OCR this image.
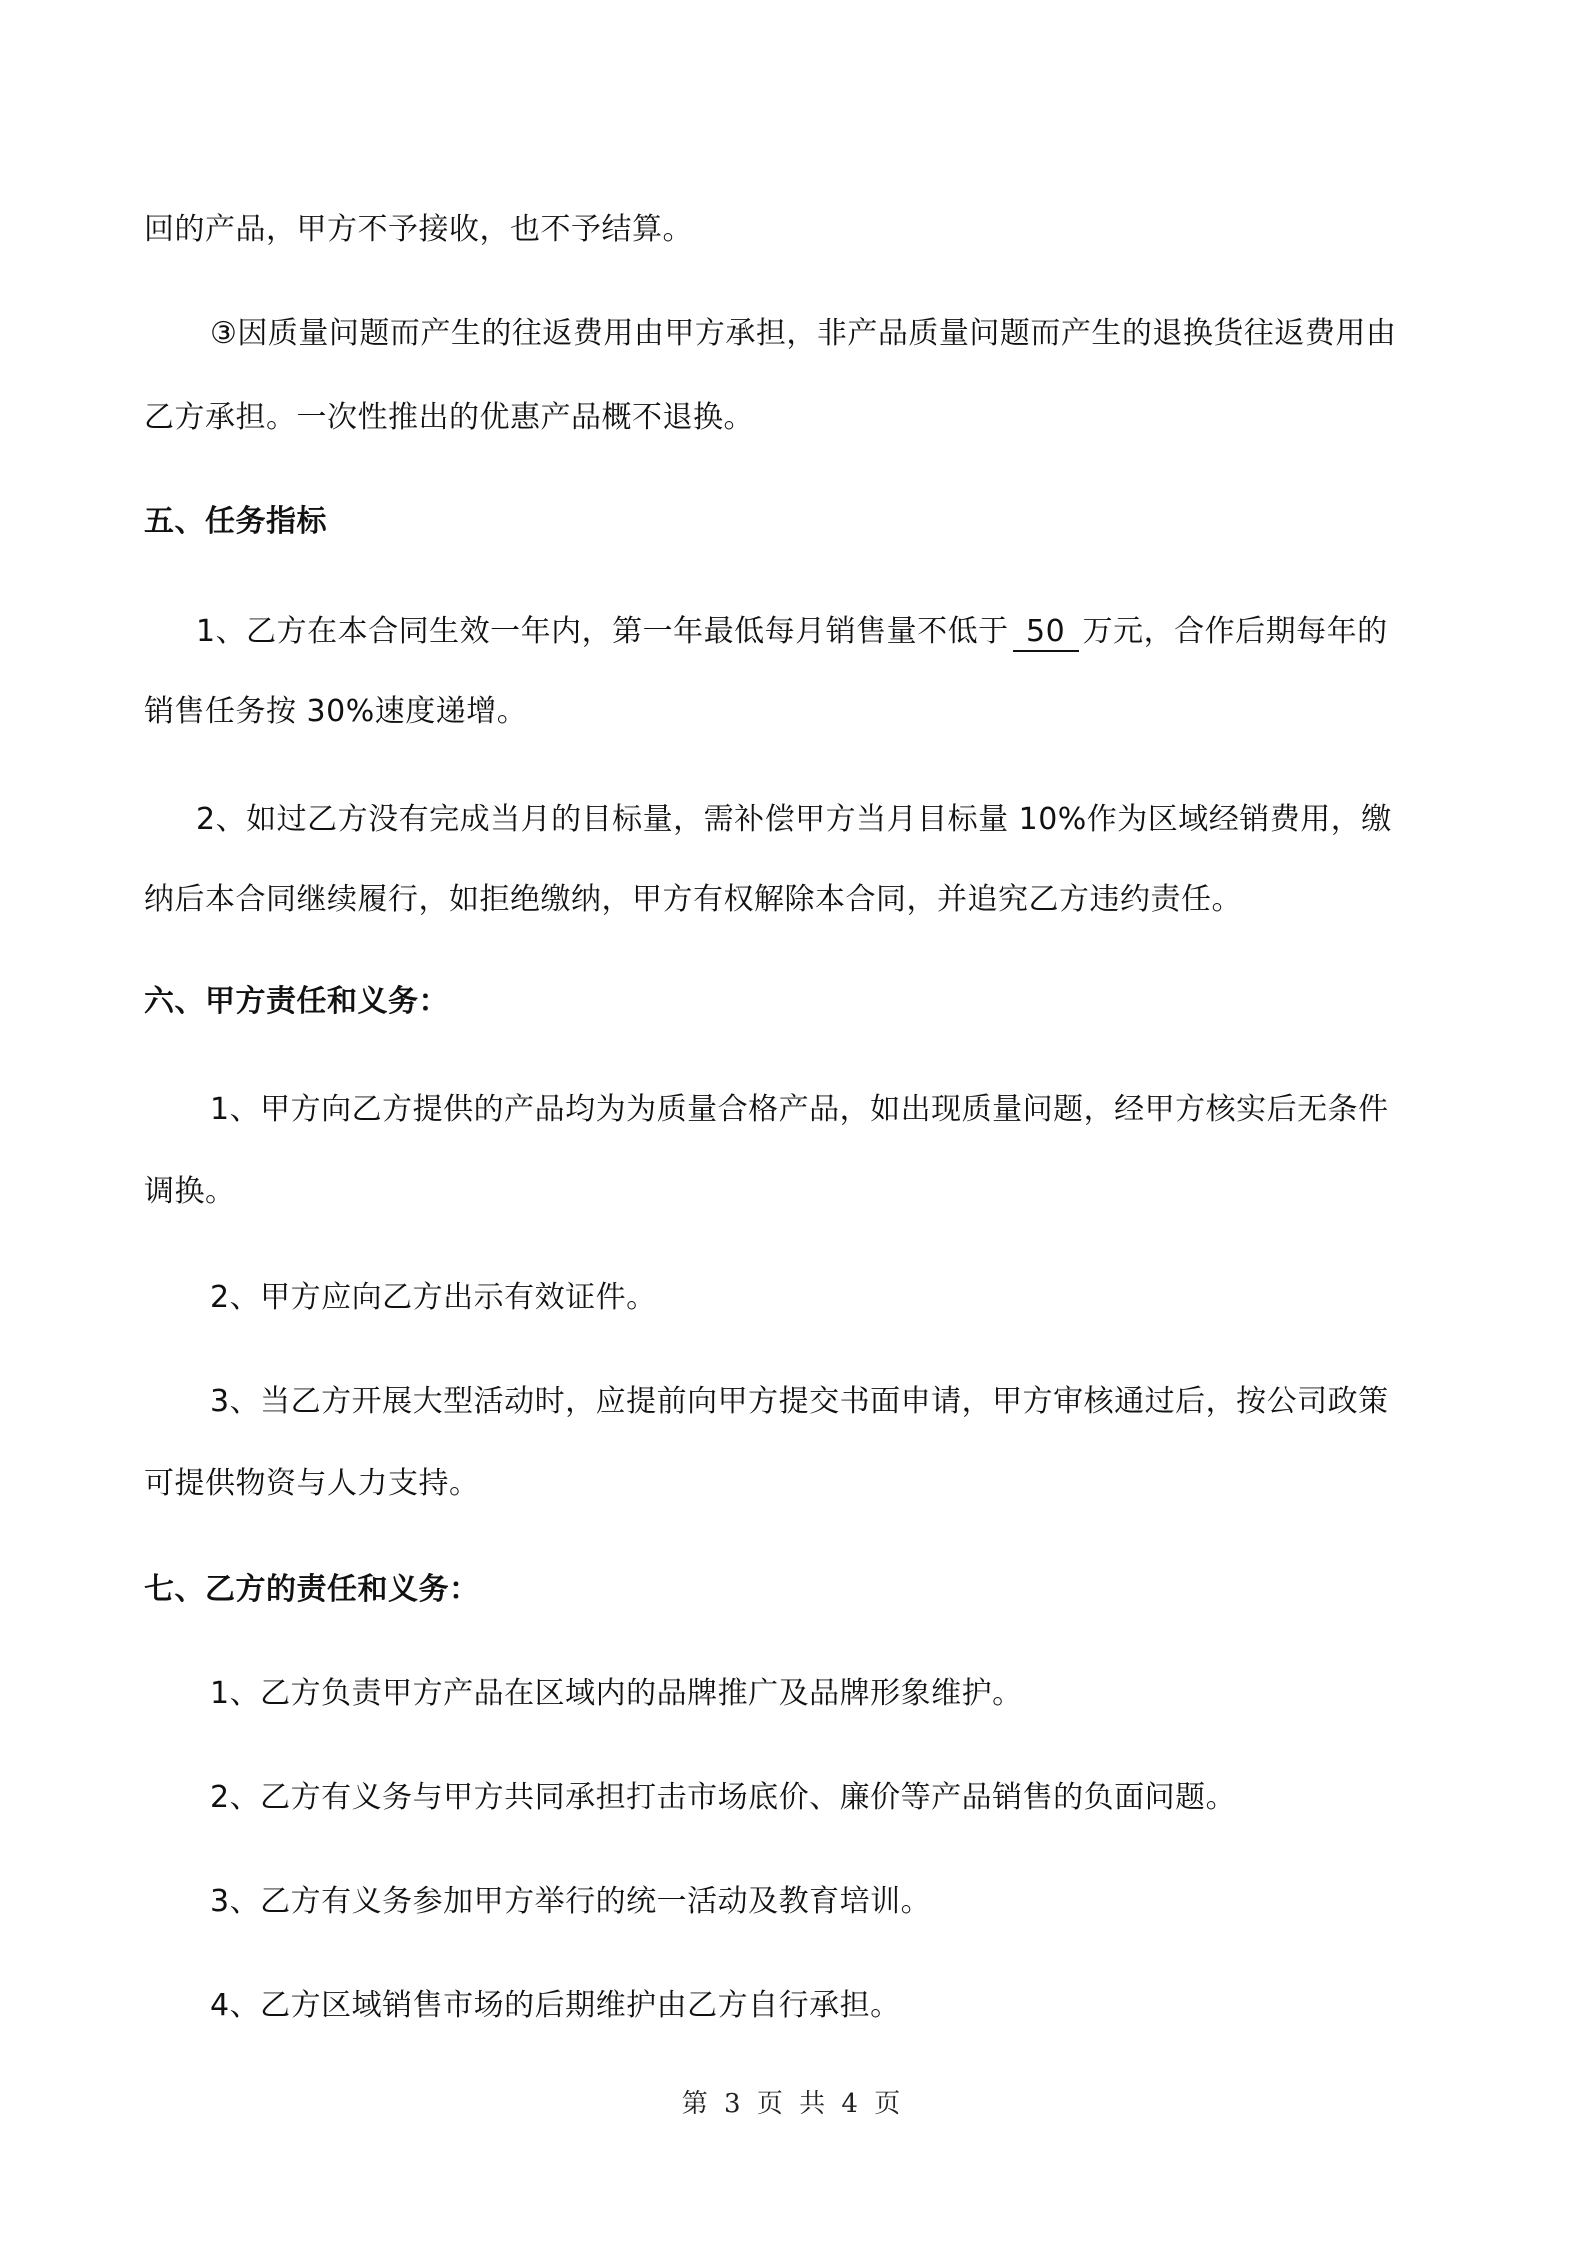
回的产品，甲方不予接收，也不予结算。
③因质量问题而产生的往返费用由甲方承担，非产品质量问题而产生的退换货往返费用由
乙方承担。一次性推出的优惠产品概不退换。
五、任务指标
1、乙方在本合同生效一年内，第一年最低每月销售量不低于 50 万元，合作后期每年的
销售任务按 30%速度递增。
2、如过乙方没有完成当月的目标量，需补偿甲方当月目标量 10%作为区域经销费用，缴
纳后本合同继续履行，如拒绝缴纳，甲方有权解除本合同，并追究乙方违约责任。
六、甲方责任和义务：
1、甲方向乙方提供的产品均为为质量合格产品，如出现质量问题，经甲方核实后无条件
调换。
2、甲方应向乙方出示有效证件。
3、当乙方开展大型活动时，应提前向甲方提交书面申请，甲方审核通过后，按公司政策
可提供物资与人力支持。
七、乙方的责任和义务：
1、乙方负责甲方产品在区域内的品牌推广及品牌形象维护。
2、乙方有义务与甲方共同承担打击市场底价、廉价等产品销售的负面问题。
3、乙方有义务参加甲方举行的统一活动及教育培训。
4、乙方区域销售市场的后期维护由乙方自行承担。
第 3 页 共 4 页
